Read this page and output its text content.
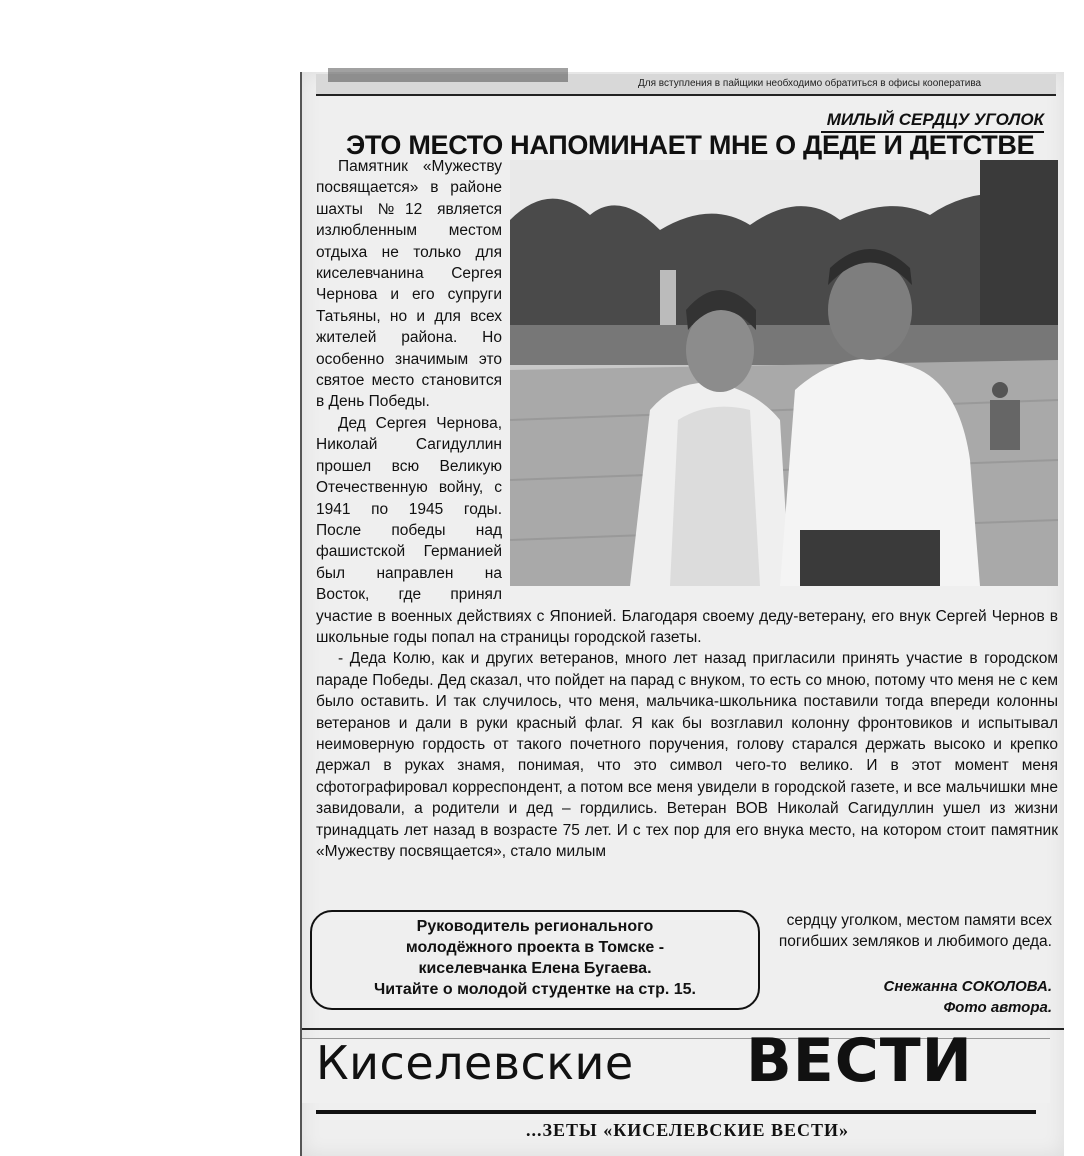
Для вступления в пайщики необходимо обратиться в офисы кооператива
МИЛЫЙ СЕРДЦУ УГОЛОК
ЭТО МЕСТО НАПОМИНАЕТ МНЕ О ДЕДЕ И ДЕТСТВЕ

Памятник «Мужеству посвящается» в районе шахты №12 является излюбленным местом отдыха не только для киселевчанина Сергея Чернова и его супруги Татьяны, но и для всех жителей района. Но особенно значимым это святое место становится в День Победы.

Дед Сергея Чернова, Николай Сагидуллин прошел всю Великую Отечественную войну, с 1941 по 1945 годы. После победы над фашистской Германией был направлен на Восток, где принял участие в военных действиях с Японией. Благодаря своему деду-ветерану, его внук Сергей Чернов в школьные годы попал на страницы городской газеты.

- Деда Колю, как и других ветеранов, много лет назад пригласили принять участие в городском параде Победы. Дед сказал, что пойдет на парад с внуком, то есть со мною, потому что меня не с кем было оставить. И так случилось, что меня, мальчика-школьника поставили тогда впереди колонны ветеранов и дали в руки красный флаг. Я как бы возглавил колонну фронтовиков и испытывал неимоверную гордость от такого почетного поручения, голову старался держать высоко и крепко держал в руках знамя, понимая, что это символ чего-то велико. И в этот момент меня сфотографировал корреспондент, а потом все меня увидели в городской газете, и все мальчишки мне завидовали, а родители и дед – гордились. Ветеран ВОВ Николай Сагидуллин ушел из жизни тринадцать лет назад в возрасте 75 лет. И с тех пор для его внука место, на котором стоит памятник «Мужеству посвящается», стало милым

Руководитель регионального
молодёжного проекта в Томске -
киселевчанка Елена Бугаева.
Читайте о молодой студентке на стр. 15.
сердцу уголком, местом памяти всех погибших земляков и любимого деда.
Снежанна СОКОЛОВА.
Фото автора.
Киселевские ВЕСТИ
...ЗЕТЫ «КИСЕЛЕВСКИЕ ВЕСТИ»
